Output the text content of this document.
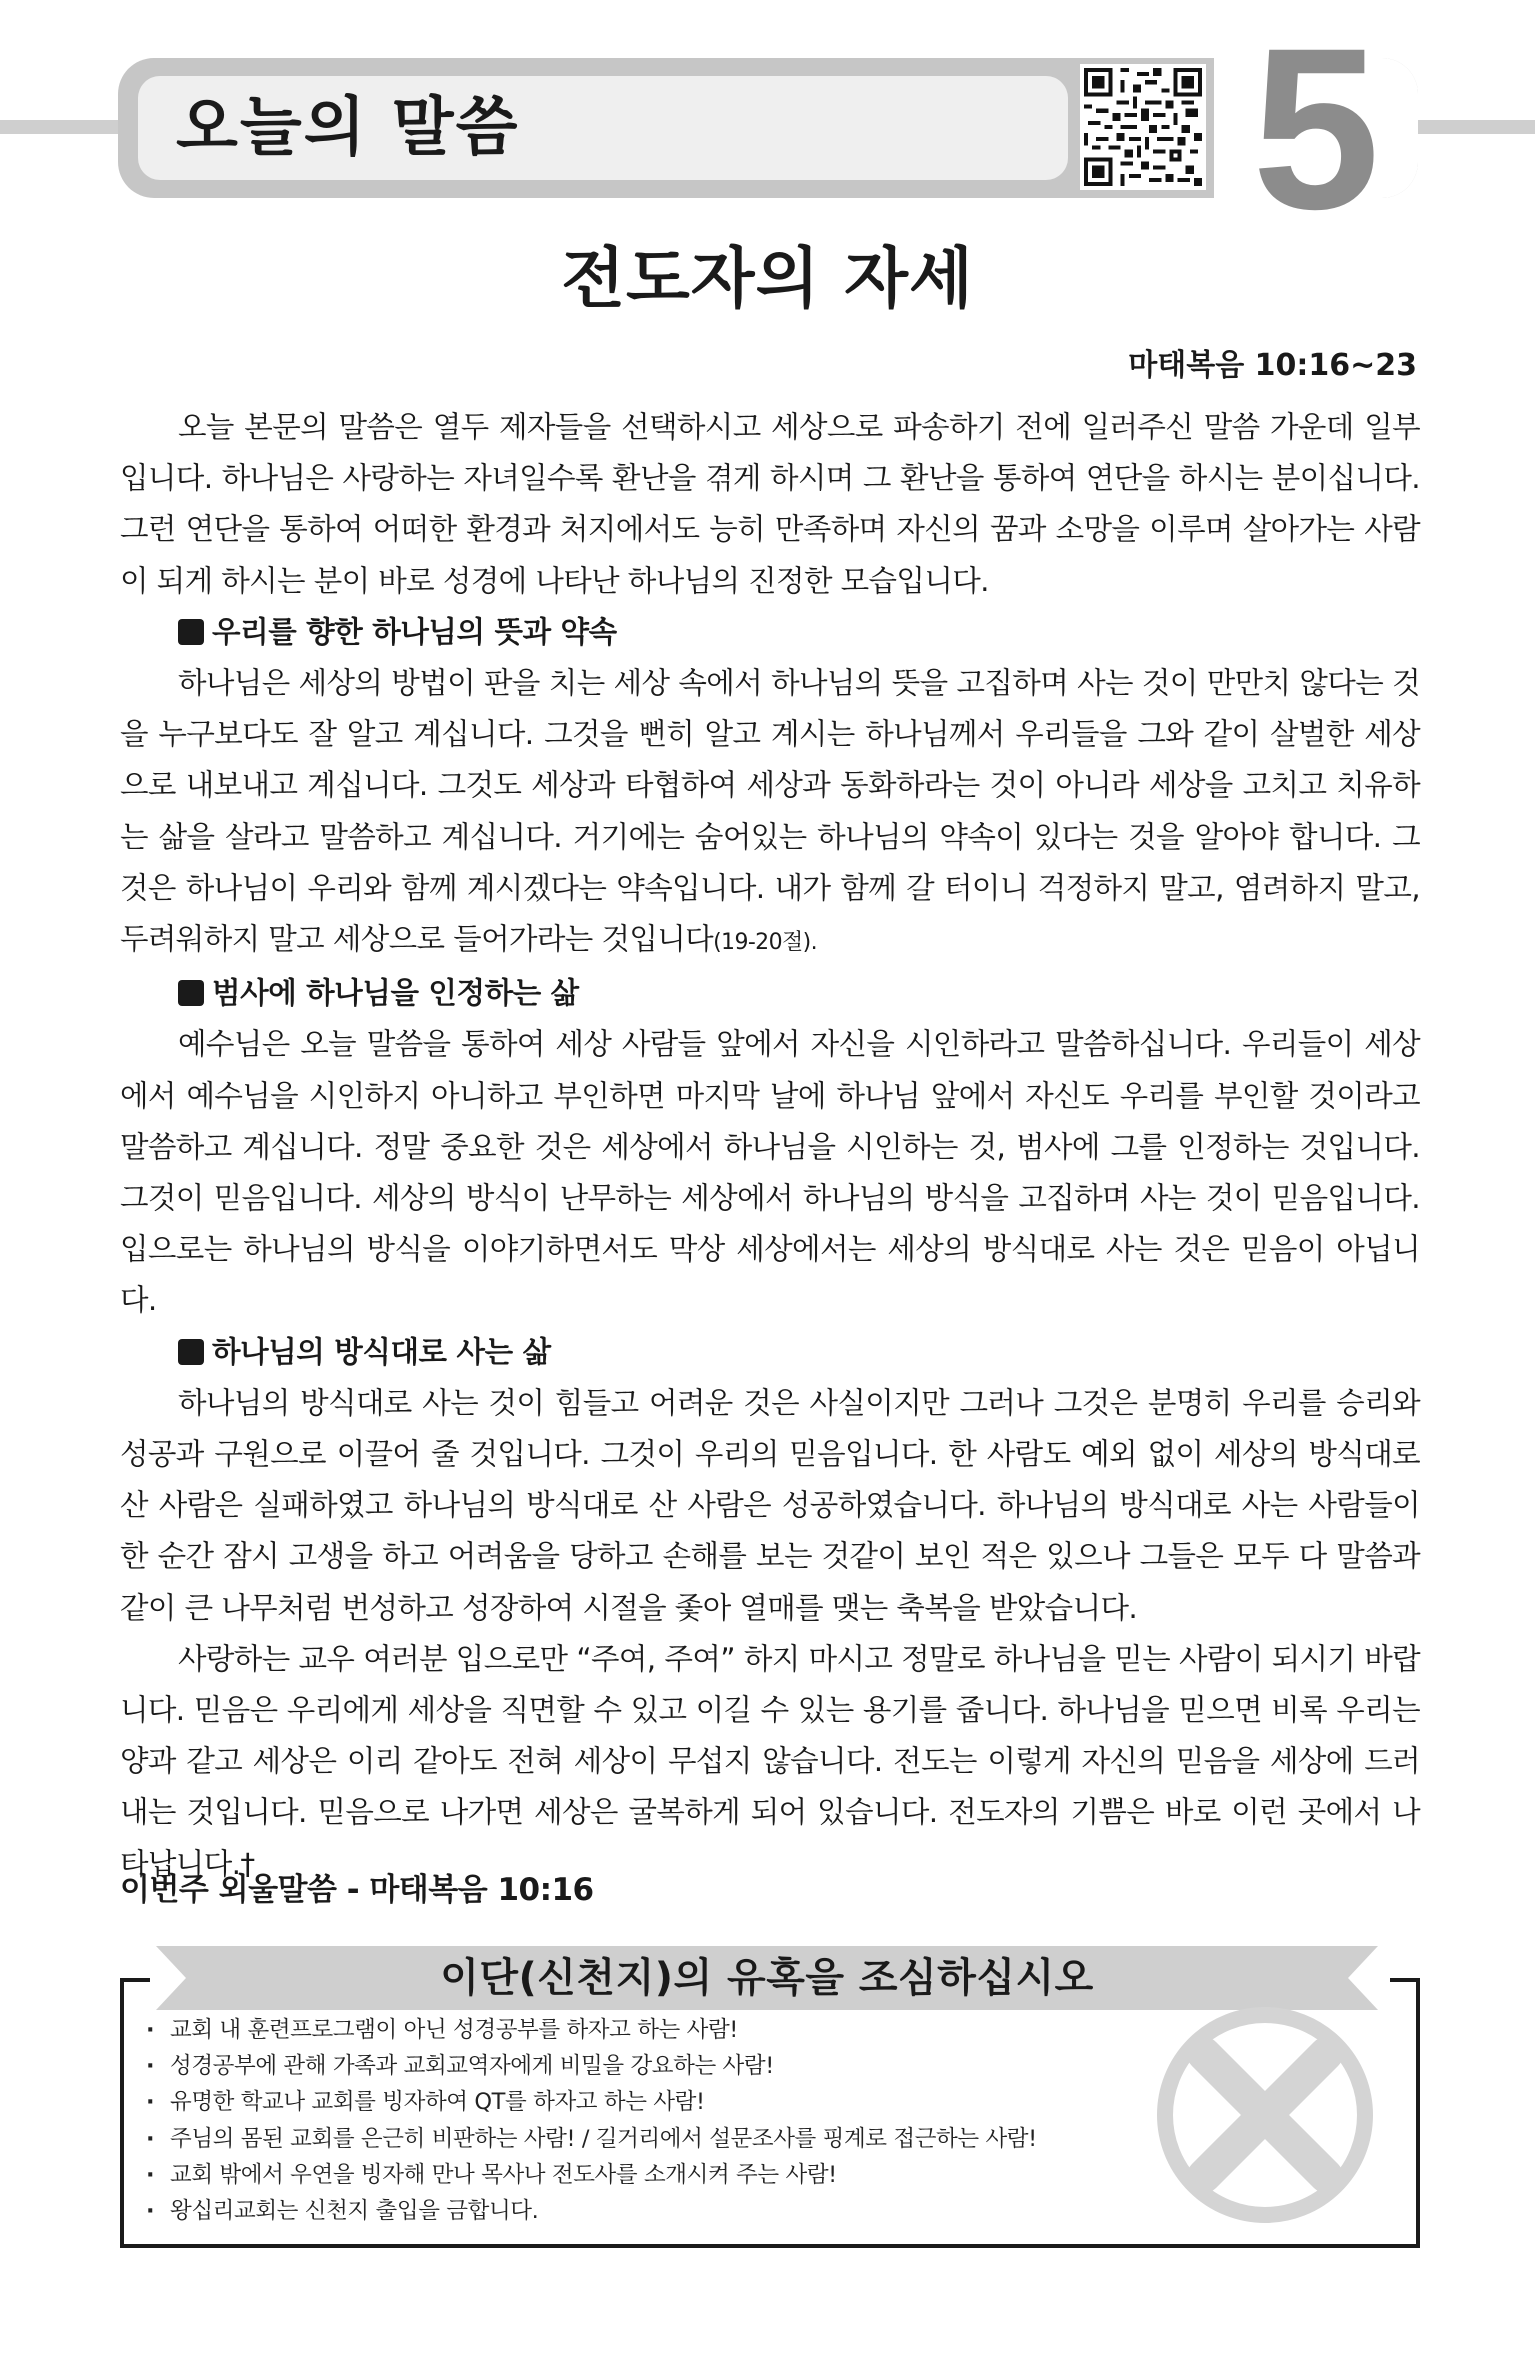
오늘의 말씀	5
전도자의 자세
마태복음 10:16~23

오늘 본문의 말씀은 열두 제자들을 선택하시고 세상으로 파송하기 전에 일러주신 말씀 가운데 일부입니다. 하나님은 사랑하는 자녀일수록 환난을 겪게 하시며 그 환난을 통하여 연단을 하시는 분이십니다. 그런 연단을 통하여 어떠한 환경과 처지에서도 능히 만족하며 자신의 꿈과 소망을 이루며 살아가는 사람이 되게 하시는 분이 바로 성경에 나타난 하나님의 진정한 모습입니다.

우리를 향한 하나님의 뜻과 약속

하나님은 세상의 방법이 판을 치는 세상 속에서 하나님의 뜻을 고집하며 사는 것이 만만치 않다는 것을 누구보다도 잘 알고 계십니다. 그것을 뻔히 알고 계시는 하나님께서 우리들을 그와 같이 살벌한 세상으로 내보내고 계십니다. 그것도 세상과 타협하여 세상과 동화하라는 것이 아니라 세상을 고치고 치유하는 삶을 살라고 말씀하고 계십니다. 거기에는 숨어있는 하나님의 약속이 있다는 것을 알아야 합니다. 그것은 하나님이 우리와 함께 계시겠다는 약속입니다. 내가 함께 갈 터이니 걱정하지 말고, 염려하지 말고, 두려워하지 말고 세상으로 들어가라는 것입니다(19-20절).

범사에 하나님을 인정하는 삶

예수님은 오늘 말씀을 통하여 세상 사람들 앞에서 자신을 시인하라고 말씀하십니다. 우리들이 세상에서 예수님을 시인하지 아니하고 부인하면 마지막 날에 하나님 앞에서 자신도 우리를 부인할 것이라고 말씀하고 계십니다. 정말 중요한 것은 세상에서 하나님을 시인하는 것, 범사에 그를 인정하는 것입니다. 그것이 믿음입니다. 세상의 방식이 난무하는 세상에서 하나님의 방식을 고집하며 사는 것이 믿음입니다. 입으로는 하나님의 방식을 이야기하면서도 막상 세상에서는 세상의 방식대로 사는 것은 믿음이 아닙니다.

하나님의 방식대로 사는 삶

하나님의 방식대로 사는 것이 힘들고 어려운 것은 사실이지만 그러나 그것은 분명히 우리를 승리와 성공과 구원으로 이끌어 줄 것입니다. 그것이 우리의 믿음입니다. 한 사람도 예외 없이 세상의 방식대로 산 사람은 실패하였고 하나님의 방식대로 산 사람은 성공하였습니다. 하나님의 방식대로 사는 사람들이 한 순간 잠시 고생을 하고 어려움을 당하고 손해를 보는 것같이 보인 적은 있으나 그들은 모두 다 말씀과 같이 큰 나무처럼 번성하고 성장하여 시절을 좇아 열매를 맺는 축복을 받았습니다.

사랑하는 교우 여러분 입으로만 “주여, 주여” 하지 마시고 정말로 하나님을 믿는 사람이 되시기 바랍니다. 믿음은 우리에게 세상을 직면할 수 있고 이길 수 있는 용기를 줍니다. 하나님을 믿으면 비록 우리는 양과 같고 세상은 이리 같아도 전혀 세상이 무섭지 않습니다. 전도는 이렇게 자신의 믿음을 세상에 드러내는 것입니다. 믿음으로 나가면 세상은 굴복하게 되어 있습니다. 전도자의 기쁨은 바로 이런 곳에서 나타납니다.†

이번주 외울말씀 - 마태복음 10:16
이단(신천지)의 유혹을 조심하십시오
· 교회 내 훈련프로그램이 아닌 성경공부를 하자고 하는 사람!
· 성경공부에 관해 가족과 교회교역자에게 비밀을 강요하는 사람!
· 유명한 학교나 교회를 빙자하여 QT를 하자고 하는 사람!
· 주님의 몸된 교회를 은근히 비판하는 사람! / 길거리에서 설문조사를 핑계로 접근하는 사람!
· 교회 밖에서 우연을 빙자해 만나 목사나 전도사를 소개시켜 주는 사람!
· 왕십리교회는 신천지 출입을 금합니다.
